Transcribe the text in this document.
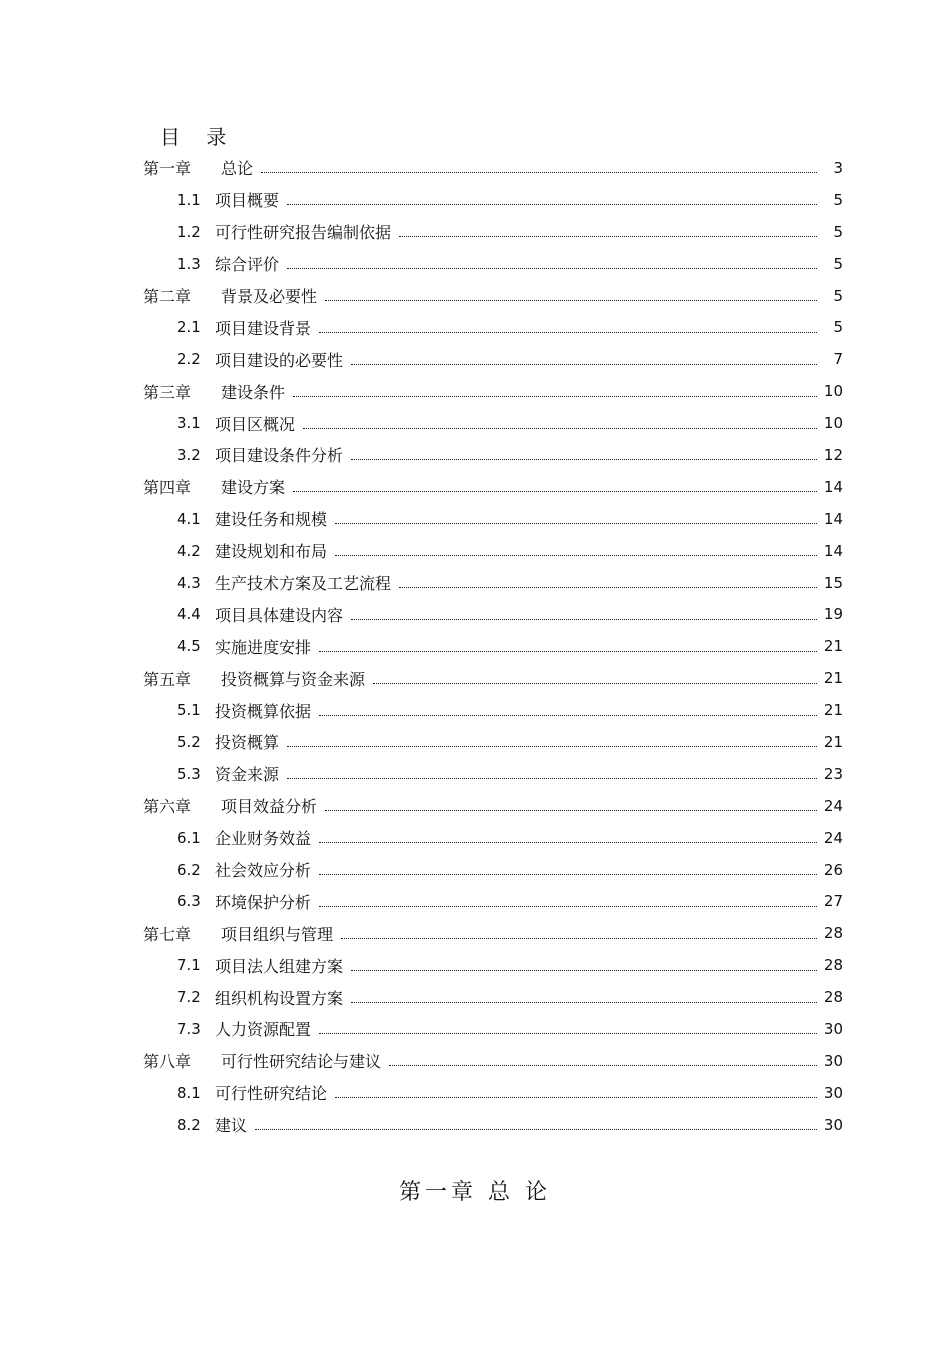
目 录
第一章	总论	3
1.1 项目概要	5
1.2 可行性研究报告编制依据	5
1.3 综合评价	5
第二章	背景及必要性	5
2.1 项目建设背景	5
2.2 项目建设的必要性	7
第三章	建设条件	10
3.1 项目区概况	10
3.2 项目建设条件分析	12
第四章	建设方案	14
4.1 建设任务和规模	14
4.2 建设规划和布局	14
4.3 生产技术方案及工艺流程	15
4.4 项目具体建设内容	19
4.5 实施进度安排	21
第五章	投资概算与资金来源	21
5.1 投资概算依据	21
5.2 投资概算	21
5.3 资金来源	23
第六章	项目效益分析	24
6.1 企业财务效益	24
6.2 社会效应分析	26
6.3 环境保护分析	27
第七章	项目组织与管理	28
7.1 项目法人组建方案	28
7.2 组织机构设置方案	28
7.3 人力资源配置	30
第八章	可行性研究结论与建议	30
8.1 可行性研究结论	30
8.2 建议	30
第一章 总 论
